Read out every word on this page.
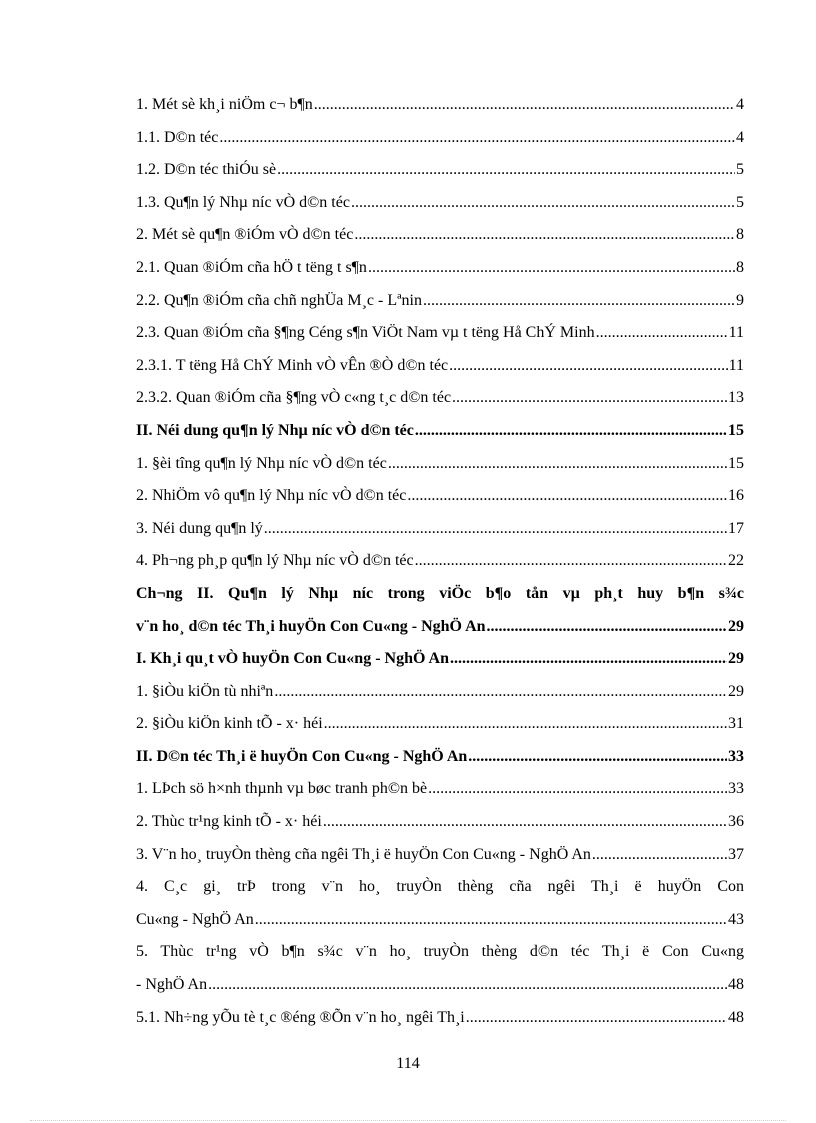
1. Mét sè kh¸i niÖm c¬ b¶n .....	4
1.1. D©n téc .....	4
1.2. D©n téc thiÓu sè .....	5
1.3. Qu¶n lý Nhµ níc vÒ d©n téc .....	5
2. Mét sè qu¶n ®iÓm vÒ d©n téc .....	8
2.1. Quan ®iÓm cña hÖ t tëng t s¶n .....	8
2.2. Qu¶n ®iÓm cña chñ nghÜa M¸c - Lªnin .....	9
2.3. Quan ®iÓm cña §¶ng Céng s¶n ViÖt Nam vµ t tëng Hå ChÝ Minh .....	11
2.3.1. T tëng Hå ChÝ Minh vÒ vÊn ®Ò d©n téc .....	11
2.3.2. Quan ®iÓm cña §¶ng vÒ c«ng t¸c d©n téc .....	13
II. Néi dung qu¶n lý Nhµ níc vÒ d©n téc .....	15
1. §èi tîng qu¶n lý Nhµ níc vÒ d©n téc .....	15
2. NhiÖm vô qu¶n lý Nhµ níc vÒ d©n téc .....	16
3. Néi dung qu¶n lý .....	17
4. Ph¬ng ph¸p qu¶n lý Nhµ níc vÒ d©n téc .....	22
Ch¬ng II. Qu¶n lý Nhµ níc trong viÖc b¶o tån vµ ph¸t huy b¶n s¾c
v¨n ho¸ d©n téc Th¸i huyÖn Con Cu«ng - NghÖ An .....	29
I. Kh¸i qu¸t vÒ huyÖn Con Cu«ng - NghÖ An .....	29
1. §iÒu kiÖn tù nhiªn .....	29
2. §iÒu kiÖn kinh tÕ - x· héi .....	31
II. D©n téc Th¸i ë huyÖn Con Cu«ng - NghÖ An .....	33
1. LÞch sö h×nh thµnh vµ bøc tranh ph©n bè .....	33
2. Thùc tr¹ng kinh tÕ - x· héi .....	36
3. V¨n ho¸ truyÒn thèng cña ngêi Th¸i ë huyÖn Con Cu«ng - NghÖ An .....	37
4. C¸c gi¸ trÞ trong v¨n ho¸ truyÒn thèng cña ngêi Th¸i ë huyÖn Con
Cu«ng - NghÖ An .....	43
5. Thùc tr¹ng vÒ b¶n s¾c v¨n ho¸ truyÒn thèng d©n téc Th¸i ë Con Cu«ng
- NghÖ An .....	48
5.1. Nh÷ng yÕu tè t¸c ®éng ®Õn v¨n ho¸ ngêi Th¸i .....	48
114
